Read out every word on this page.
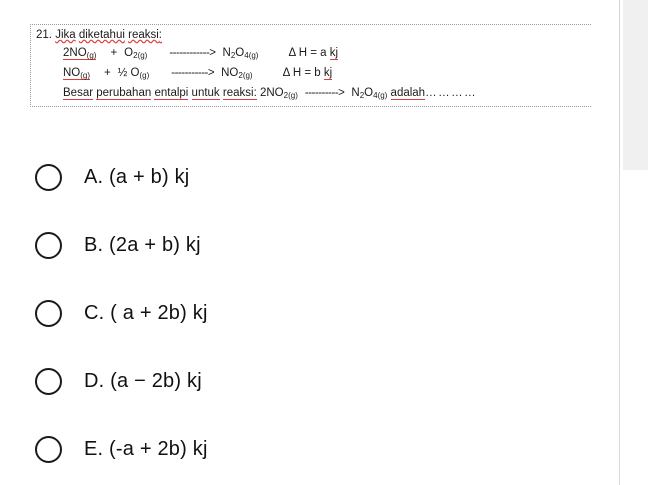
21. Jika diketahui reaksi:
$2NO_{(g)} + O_{2(g)}$ ------------> $N_2O_{4(g)}$	Δ H = a kj
$NO_{(g)}$ + ½ $O_{(g)}$ -----------> $NO_{2(g)}$	Δ H = b kj
Besar perubahan entalpi untuk reaksi: $2NO_{2(g)}$ ----------> $N_2O_{4(g)}$ adalah…………
A. (a + b) kj
B. (2a + b) kj
C. ( a + 2b) kj
D. (a − 2b) kj
E. (-a + 2b) kj
